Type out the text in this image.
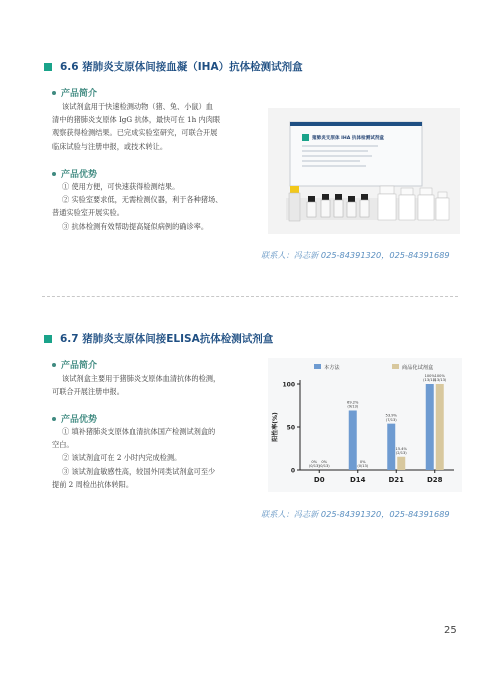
6.6 猪肺炎支原体间接血凝（IHA）抗体检测试剂盒
产品简介

该试剂盒用于快速检测动物（猪、兔、小鼠）血

清中的猪肺炎支原体 IgG 抗体，最快可在 1h 内肉眼

观察获得检测结果。已完成实验室研究，可联合开展

临床试验与注册申报，或技术转让。

产品优势

① 使用方便，可快速获得检测结果。

② 实验室要求低，无需检测仪器，利于各种猪场、

普通实验室开展实验。

③ 抗体检测有效帮助提高疑似病例的确诊率。

猪肺炎支原体 IHA 抗体检测试剂盒
联系人：冯志新 025-84391320，025-84391689
6.7 猪肺炎支原体间接ELISA抗体检测试剂盒
产品简介

该试剂盒主要用于猪肺炎支原体血清抗体的检测，

可联合开展注册申报。

产品优势

① 填补猪肺炎支原体血清抗体国产检测试剂盒的

空白。

② 该试剂盒可在 2 小时内完成检测。

③ 该试剂盒敏感性高，较国外同类试剂盒可至少

提前 2 周检出抗体转阳。

本方法	商品化试剂盒
阳性率(%)
0
50
100
0% (0/13)
0% (0/13)
D0
69.2% (9/13)
0% (0/13)
D14
53.9% (7/13)
15.4% (2/13)
D21
100% (13/13)
100% (13/13)
D28
联系人：冯志新 025-84391320，025-84391689
25
